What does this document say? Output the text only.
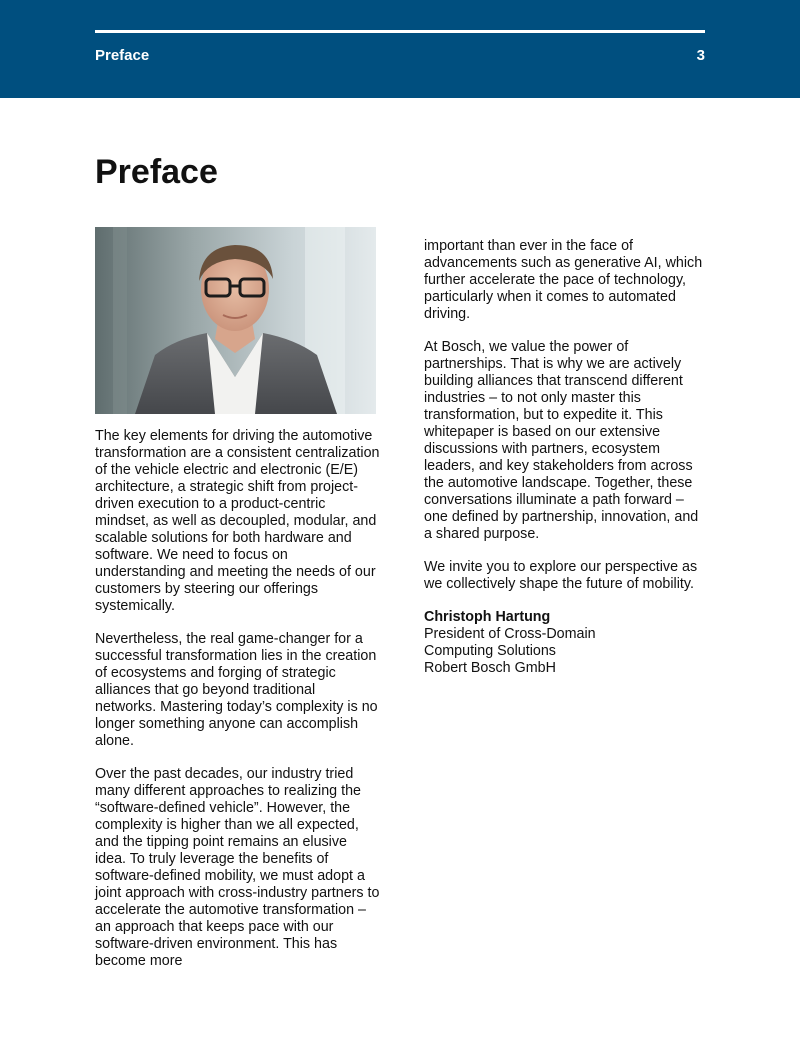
Preface	3
Preface

The key elements for driving the automotive transformation are a consistent centralization of the vehicle electric and electronic (E/E) architecture, a strategic shift from project-driven execution to a product-centric mindset, as well as decoupled, modular, and scalable solutions for both hardware and software. We need to focus on understanding and meeting the needs of our customers by steering our offerings systemically.

Nevertheless, the real game-changer for a successful transformation lies in the creation of ecosystems and forging of strategic alliances that go beyond traditional networks. Mastering today’s complexity is no longer something anyone can accomplish alone.

Over the past decades, our industry tried many different approaches to realizing the “software-defined vehicle”. However, the complexity is higher than we all expected, and the tipping point remains an elusive idea. To truly leverage the benefits of software-defined mobility, we must adopt a joint approach with cross-industry partners to accelerate the automotive transformation – an approach that keeps pace with our software-driven environment. This has become more

important than ever in the face of advancements such as generative AI, which further accelerate the pace of technology, particularly when it comes to automated driving.

At Bosch, we value the power of partnerships. That is why we are actively building alliances that transcend different industries – to not only master this transformation, but to expedite it. This whitepaper is based on our extensive discussions with partners, ecosystem leaders, and key stakeholders from across the automotive landscape. Together, these conversations illuminate a path forward – one defined by partnership, innovation, and a shared purpose.

We invite you to explore our perspective as we collectively shape the future of mobility.

Christoph Hartung
President of Cross-Domain
Computing Solutions
Robert Bosch GmbH
